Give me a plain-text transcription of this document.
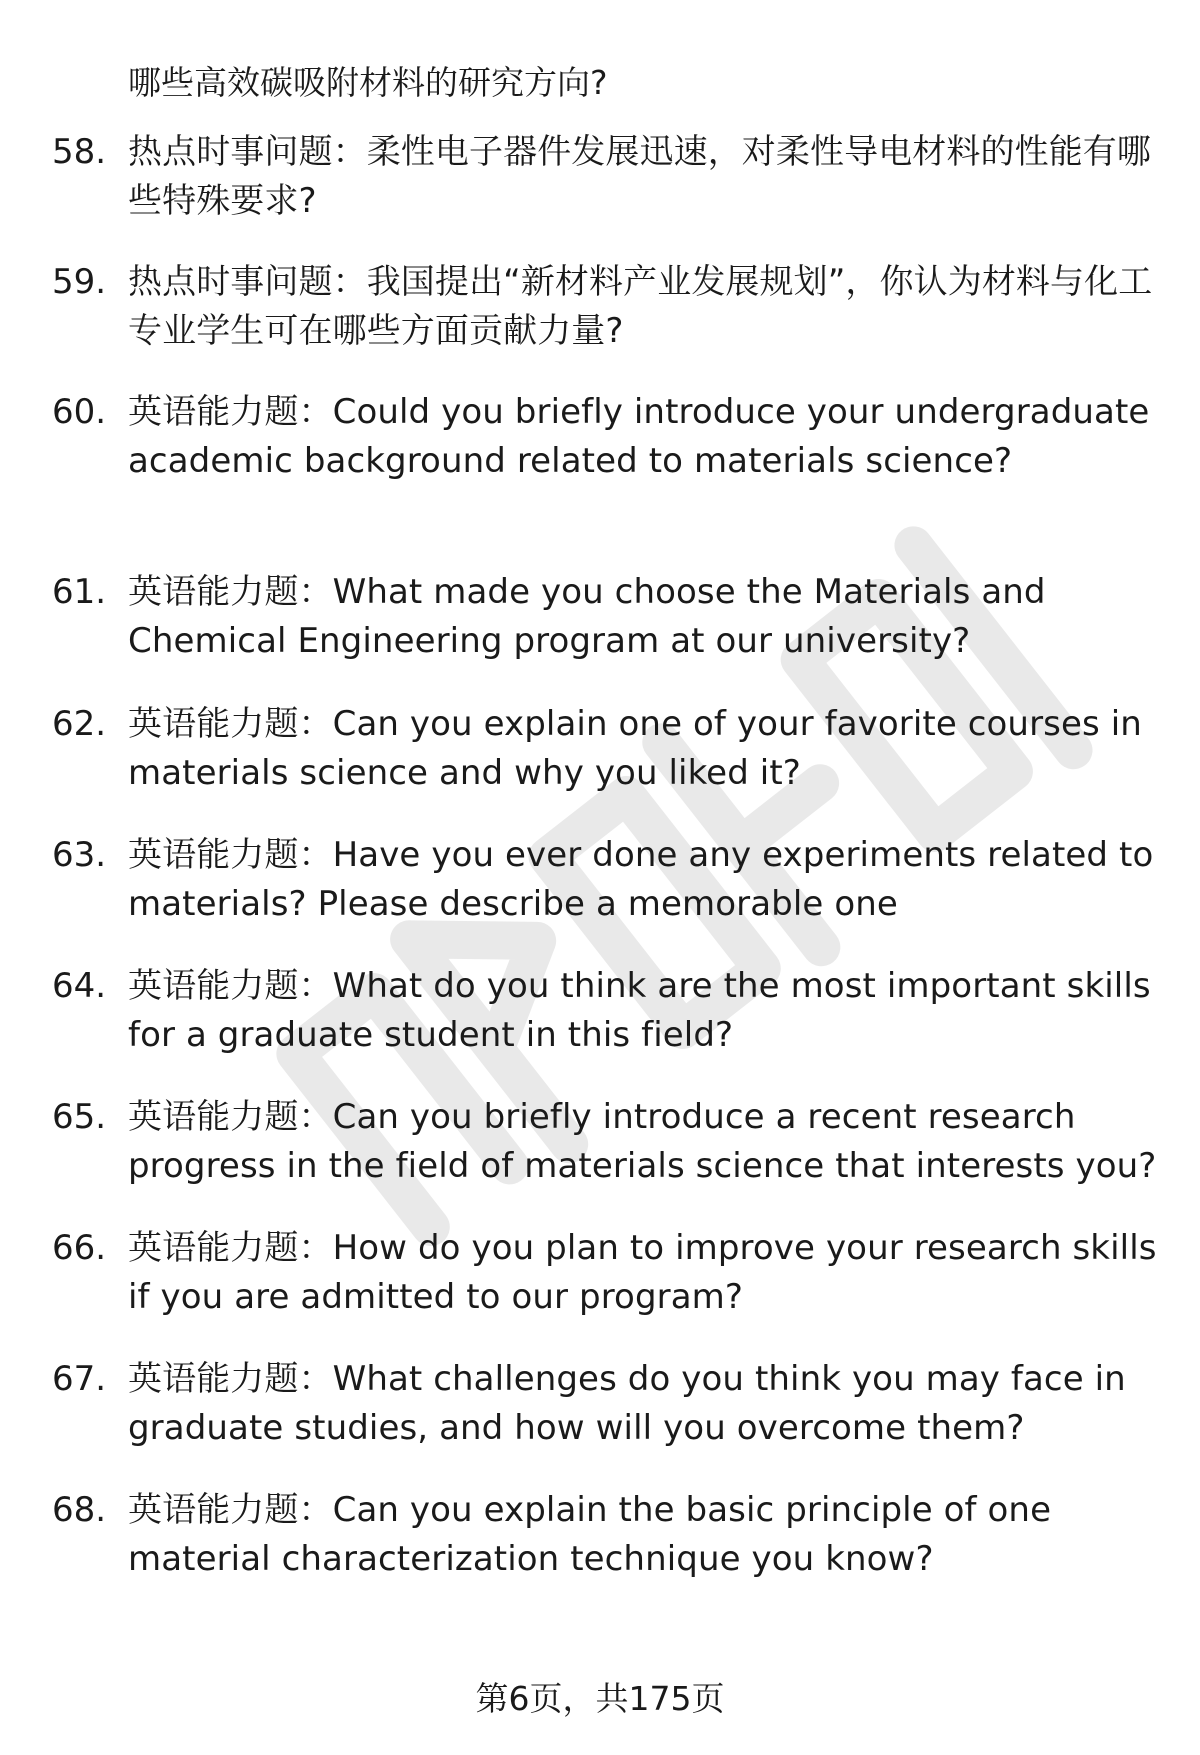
哪些高效碳吸附材料的研究方向?

58. 热点时事问题：柔性电子器件发展迅速，对柔性导电材料的性能有哪些特殊要求?
59. 热点时事问题：我国提出“新材料产业发展规划”，你认为材料与化工专业学生可在哪些方面贡献力量?
60. 英语能力题：Could you briefly introduce your undergraduate academic background related to materials science?
61. 英语能力题：What made you choose the Materials and Chemical Engineering program at our university?
62. 英语能力题：Can you explain one of your favorite courses in materials science and why you liked it?
63. 英语能力题：Have you ever done any experiments related to materials? Please describe a memorable one
64. 英语能力题：What do you think are the most important skills for a graduate student in this field?
65. 英语能力题：Can you briefly introduce a recent research progress in the field of materials science that interests you?
66. 英语能力题：How do you plan to improve your research skills if you are admitted to our program?
67. 英语能力题：What challenges do you think you may face in graduate studies, and how will you overcome them?
68. 英语能力题：Can you explain the basic principle of one material characterization technique you know?
第6页，共175页
